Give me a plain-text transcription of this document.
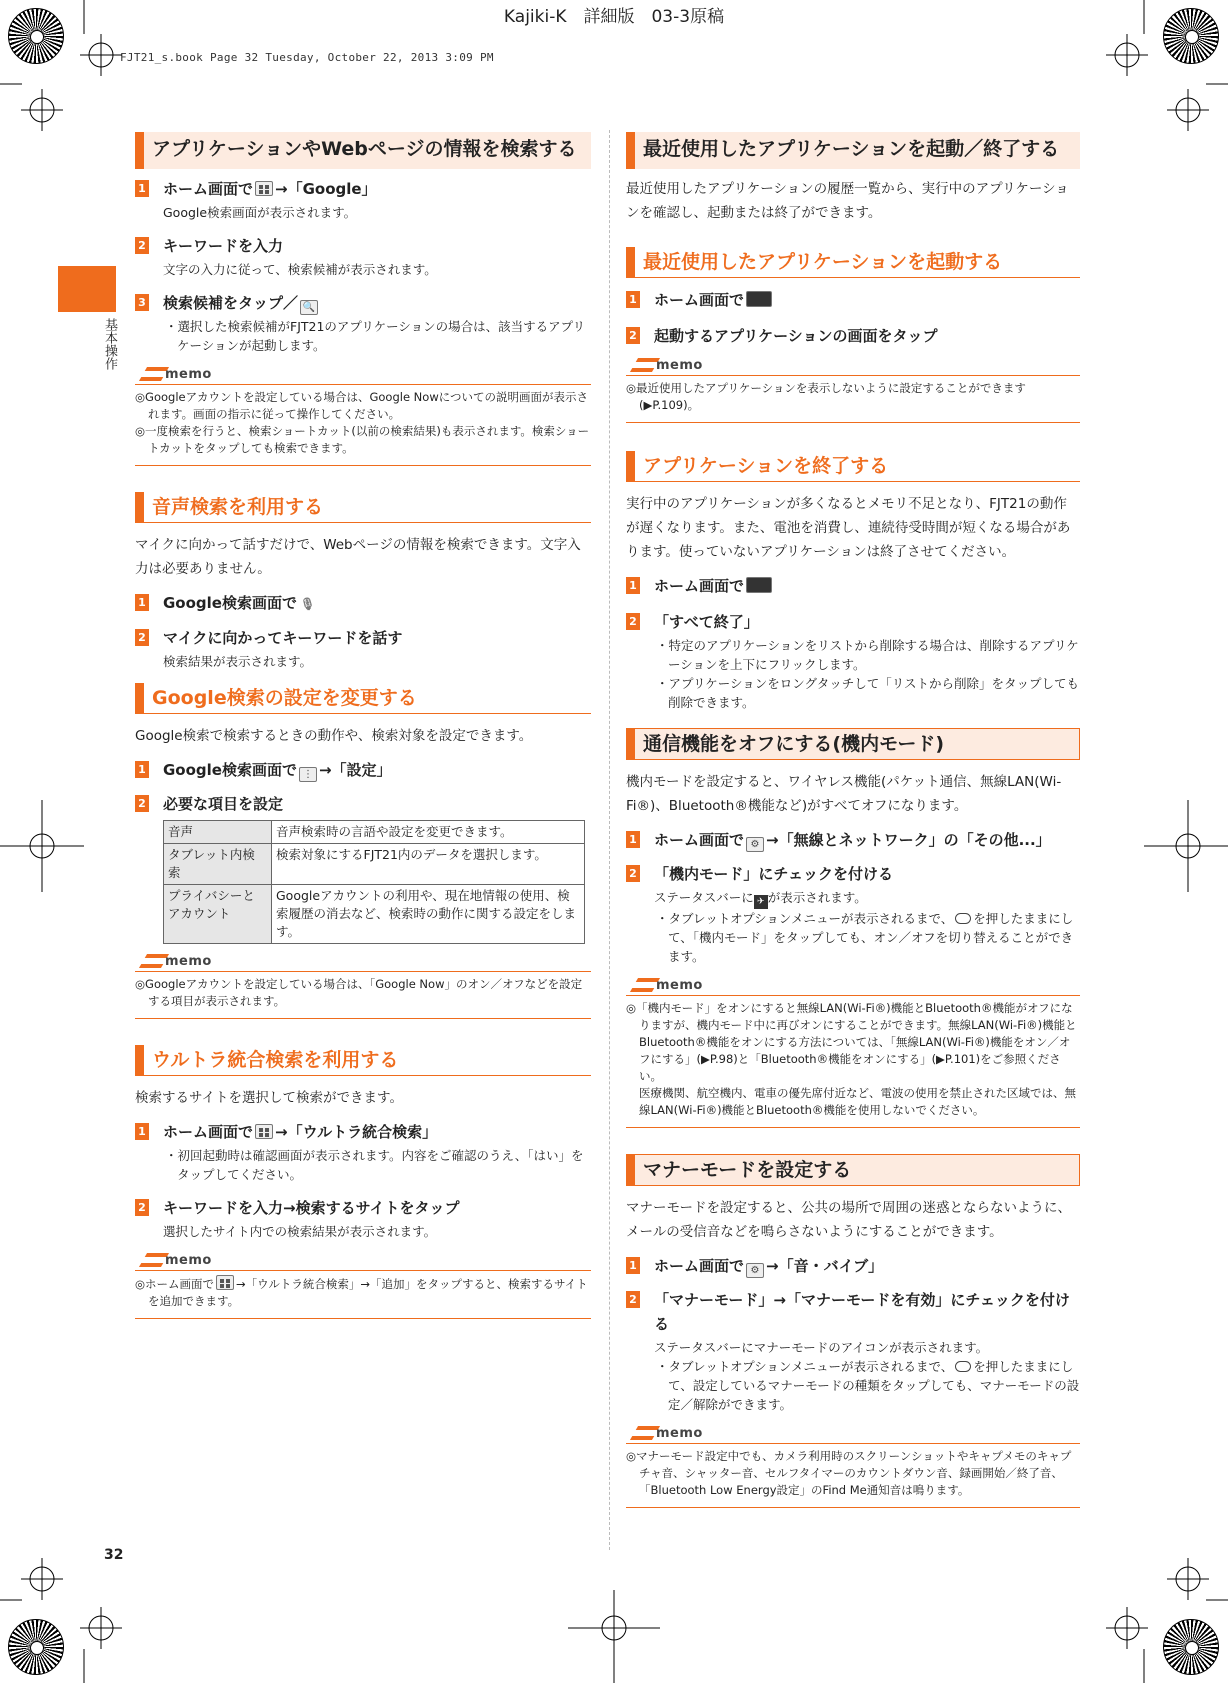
Kajiki-K　詳細版　03-3原稿
FJT21_s.book Page 32 Tuesday, October 22, 2013 3:09 PM
基本操作
アプリケーションやWebページの情報を検索する
1 ホーム画面で →「Google」
Google検索画面が表示されます。
2 キーワードを入力
文字の入力に従って、検索候補が表示されます。
3 検索候補をタップ／ 🔍
・選択した検索候補がFJT21のアプリケーションの場合は、該当するアプリケーションが起動します。
memo
◎Googleアカウントを設定している場合は、Google Nowについての説明画面が表示されます。画面の指示に従って操作してください。
◎一度検索を行うと、検索ショートカット(以前の検索結果)も表示されます。検索ショートカットをタップしても検索できます。
音声検索を利用する
マイクに向かって話すだけで、Webページの情報を検索できます。文字入力は必要ありません。
1 Google検索画面で 🎙
2 マイクに向かってキーワードを話す
検索結果が表示されます。
Google検索の設定を変更する
Google検索で検索するときの動作や、検索対象を設定できます。
1 Google検索画面で ⋮ →「設定」
2 必要な項目を設定
音声	音声検索時の言語や設定を変更できます。
タブレット内検索	検索対象にするFJT21内のデータを選択します。
プライバシーとアカウント	Googleアカウントの利用や、現在地情報の使用、検索履歴の消去など、検索時の動作に関する設定をします。
memo
◎Googleアカウントを設定している場合は、「Google Now」のオン／オフなどを設定する項目が表示されます。
ウルトラ統合検索を利用する
検索するサイトを選択して検索ができます。
1 ホーム画面で →「ウルトラ統合検索」
・初回起動時は確認画面が表示されます。内容をご確認のうえ、「はい」をタップしてください。
2 キーワードを入力→検索するサイトをタップ
選択したサイト内での検索結果が表示されます。
memo
◎ホーム画面で →「ウルトラ統合検索」→「追加」をタップすると、検索するサイトを追加できます。
最近使用したアプリケーションを起動／終了する
最近使用したアプリケーションの履歴一覧から、実行中のアプリケーションを確認し、起動または終了ができます。
最近使用したアプリケーションを起動する
1 ホーム画面で
2 起動するアプリケーションの画面をタップ
memo
◎最近使用したアプリケーションを表示しないように設定することができます(▶P.109)。
アプリケーションを終了する
実行中のアプリケーションが多くなるとメモリ不足となり、FJT21の動作が遅くなります。また、電池を消費し、連続待受時間が短くなる場合があります。使っていないアプリケーションは終了させてください。
1 ホーム画面で
2 「すべて終了」
・特定のアプリケーションをリストから削除する場合は、削除するアプリケーションを上下にフリックします。
・アプリケーションをロングタッチして「リストから削除」をタップしても削除できます。
通信機能をオフにする(機内モード)
機内モードを設定すると、ワイヤレス機能(パケット通信、無線LAN(Wi-Fi®)、Bluetooth®機能など)がすべてオフになります。
1 ホーム画面で ⚙ →「無線とネットワーク」の「その他...」
2 「機内モード」にチェックを付ける
ステータスバーに ✈ が表示されます。
・タブレットオプションメニューが表示されるまで、 を押したままにして、「機内モード」をタップしても、オン／オフを切り替えることができます。
memo
◎「機内モード」をオンにすると無線LAN(Wi-Fi®)機能とBluetooth®機能がオフになりますが、機内モード中に再びオンにすることができます。無線LAN(Wi-Fi®)機能とBluetooth®機能をオンにする方法については、「無線LAN(Wi-Fi®)機能をオン／オフにする」(▶P.98)と「Bluetooth®機能をオンにする」(▶P.101)をご参照ください。
医療機関、航空機内、電車の優先席付近など、電波の使用を禁止された区域では、無線LAN(Wi-Fi®)機能とBluetooth®機能を使用しないでください。
マナーモードを設定する
マナーモードを設定すると、公共の場所で周囲の迷惑とならないように、メールの受信音などを鳴らさないようにすることができます。
1 ホーム画面で ⚙ →「音・バイブ」
2 「マナーモード」→「マナーモードを有効」にチェックを付ける
ステータスバーにマナーモードのアイコンが表示されます。
・タブレットオプションメニューが表示されるまで、 を押したままにして、設定しているマナーモードの種類をタップしても、マナーモードの設定／解除ができます。
memo
◎マナーモード設定中でも、カメラ利用時のスクリーンショットやキャプメモのキャプチャ音、シャッター音、セルフタイマーのカウントダウン音、録画開始／終了音、「Bluetooth Low Energy設定」のFind Me通知音は鳴ります。
32
